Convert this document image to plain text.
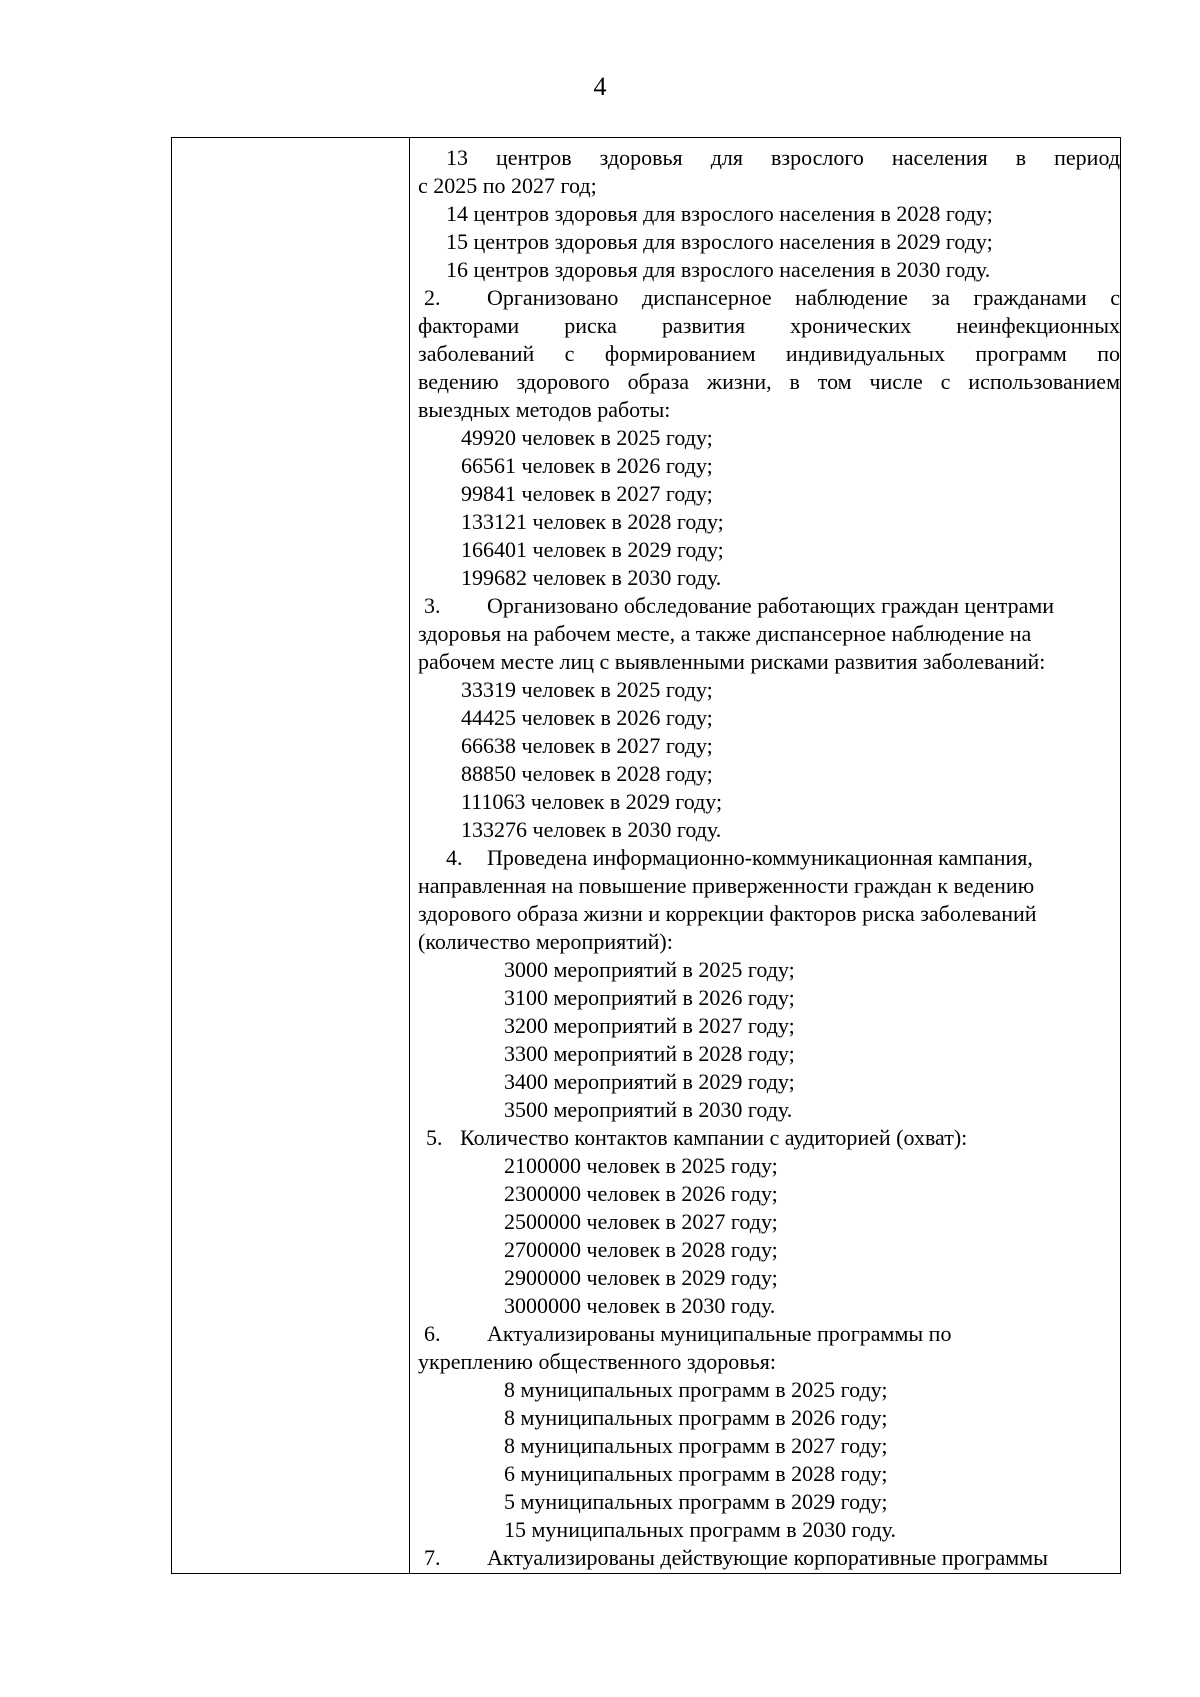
4
13 центров здоровья для взрослого населения в период
с 2025 по 2027 год;
14 центров здоровья для взрослого населения в 2028 году;
15 центров здоровья для взрослого населения в 2029 году;
16 центров здоровья для взрослого населения в 2030 году.
2. Организовано диспансерное наблюдение за гражданами с
факторами риска развития хронических неинфекционных
заболеваний с формированием индивидуальных программ по
ведению здорового образа жизни, в том числе с использованием
выездных методов работы:
49920 человек в 2025 году;
66561 человек в 2026 году;
99841 человек в 2027 году;
133121 человек в 2028 году;
166401 человек в 2029 году;
199682 человек в 2030 году.
3. Организовано обследование работающих граждан центрами
здоровья на рабочем месте, а также диспансерное наблюдение на
рабочем месте лиц с выявленными рисками развития заболеваний:
33319 человек в 2025 году;
44425 человек в 2026 году;
66638 человек в 2027 году;
88850 человек в 2028 году;
111063 человек в 2029 году;
133276 человек в 2030 году.
4. Проведена информационно-коммуникационная кампания,
направленная на повышение приверженности граждан к ведению
здорового образа жизни и коррекции факторов риска заболеваний
(количество мероприятий):
3000 мероприятий в 2025 году;
3100 мероприятий в 2026 году;
3200 мероприятий в 2027 году;
3300 мероприятий в 2028 году;
3400 мероприятий в 2029 году;
3500 мероприятий в 2030 году.
5. Количество контактов кампании с аудиторией (охват):
2100000 человек в 2025 году;
2300000 человек в 2026 году;
2500000 человек в 2027 году;
2700000 человек в 2028 году;
2900000 человек в 2029 году;
3000000 человек в 2030 году.
6. Актуализированы муниципальные программы по
укреплению общественного здоровья:
8 муниципальных программ в 2025 году;
8 муниципальных программ в 2026 году;
8 муниципальных программ в 2027 году;
6 муниципальных программ в 2028 году;
5 муниципальных программ в 2029 году;
15 муниципальных программ в 2030 году.
7. Актуализированы действующие корпоративные программы
